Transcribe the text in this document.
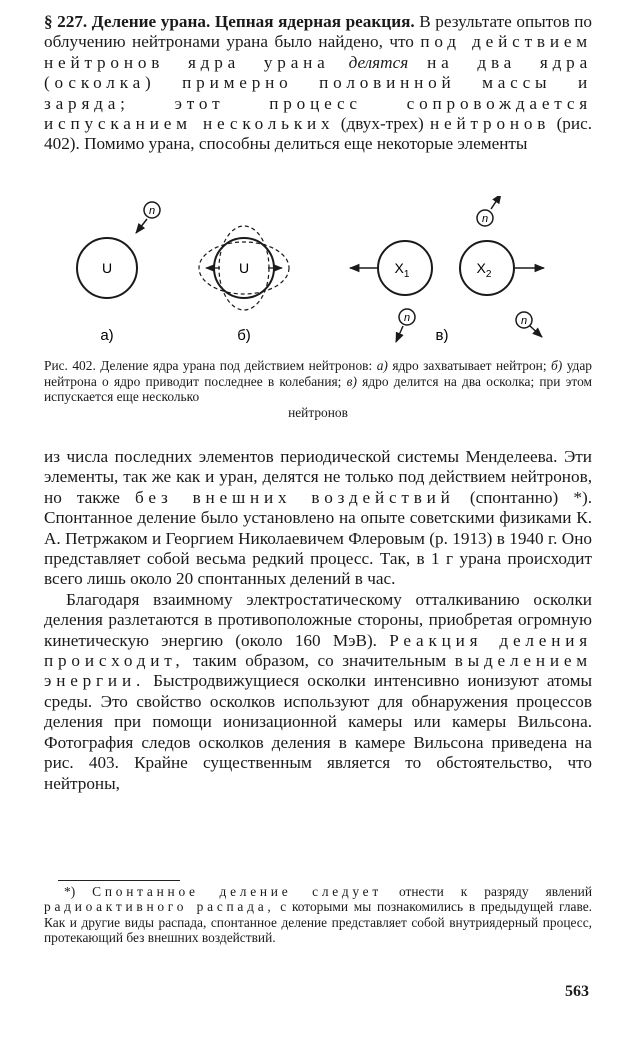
§ 227. Деление урана. Цепная ядерная реакция. В результате опытов по облучению нейтронами урана было найдено, что под действием нейтронов ядра урана делятся на два ядра (осколка) примерно половинной массы и заряда; этот процесс сопровождается испусканием нескольких (двух-трех) нейтронов (рис. 402). Помимо урана, способны делиться еще некоторые элементы

U
n
а)
U
б)
$X_1$	$X_2$
n
n	n
в)
Рис. 402. Деление ядра урана под действием нейтронов: а) ядро захватывает нейтрон; б) удар нейтрона о ядро приводит последнее в колебания; в) ядро делится на два осколка; при этом испускается еще несколько
нейтронов

из числа последних элементов периодической системы Менделеева. Эти элементы, так же как и уран, делятся не только под действием нейтронов, но также без внешних воздействий (спонтанно) *). Спонтанное деление было установлено на опыте советскими физиками К. А. Петржаком и Георгием Николаевичем Флеровым (р. 1913) в 1940 г. Оно представляет собой весьма редкий процесс. Так, в 1 г урана происходит всего лишь около 20 спонтанных делений в час.

Благодаря взаимному электростатическому отталкиванию осколки деления разлетаются в противоположные стороны, приобретая огромную кинетическую энергию (около 160 МэВ). Реакция деления происходит, таким образом, со значительным выделением энергии. Быстродвижущиеся осколки интенсивно ионизуют атомы среды. Это свойство осколков используют для обнаружения процессов деления при помощи ионизационной камеры или камеры Вильсона. Фотография следов осколков деления в камере Вильсона приведена на рис. 403. Крайне существенным является то обстоятельство, что нейтроны,

*) Спонтанное деление следует отнести к разряду явлений радиоактивного распада, с которыми мы познакомились в предыдущей главе. Как и другие виды распада, спонтанное деление представляет собой внутриядерный процесс, протекающий без внешних воздействий.

563
